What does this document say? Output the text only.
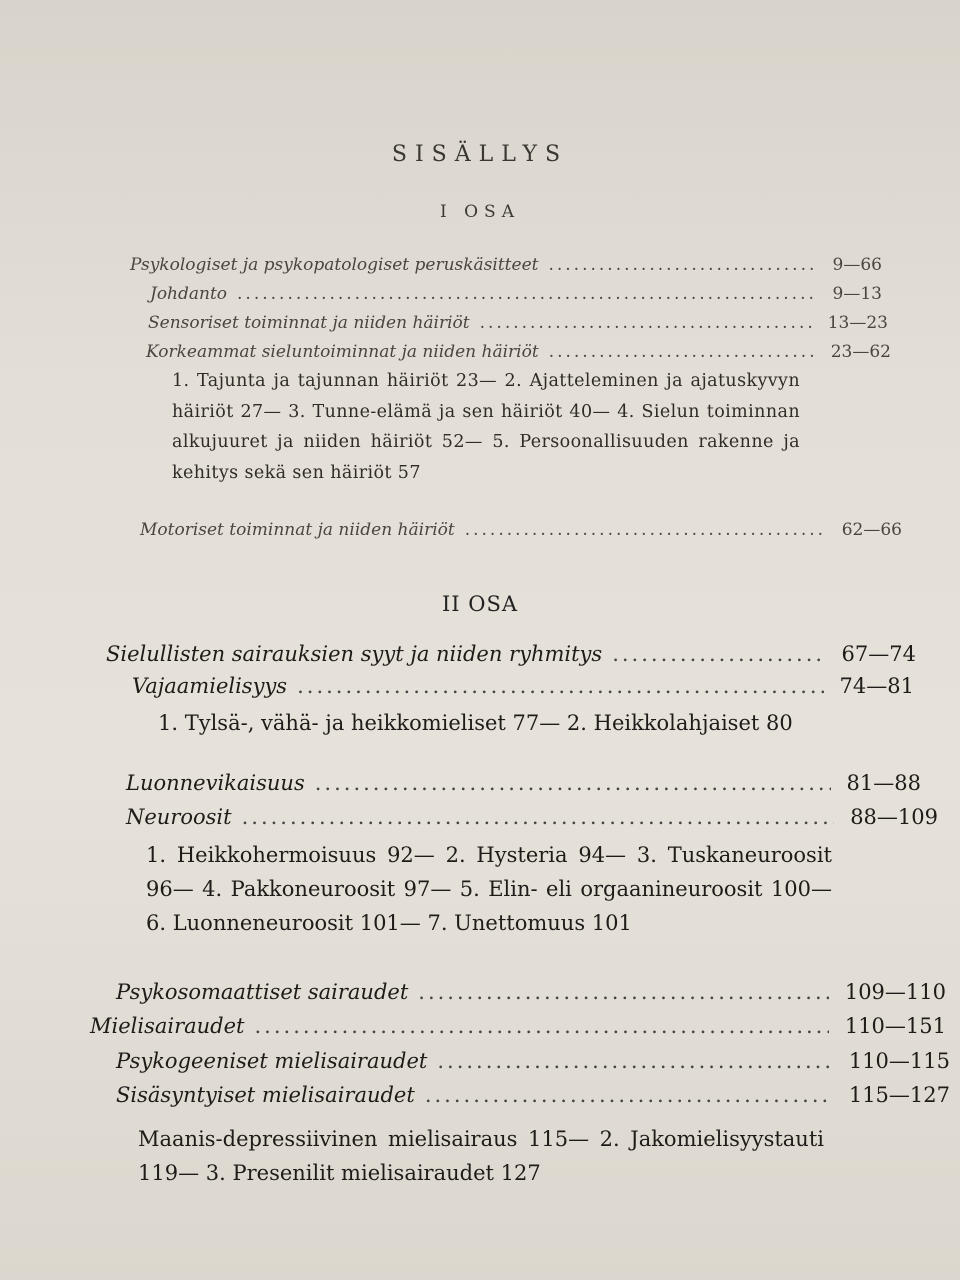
SISÄLLYS
I OSA
Psykologiset ja psykopatologiset peruskäsitteet .....	9—66
Johdanto .....	9—13
Sensoriset toiminnat ja niiden häiriöt .....	13—23
Korkeammat sieluntoiminnat ja niiden häiriöt .....	23—62
1. Tajunta ja tajunnan häiriöt 23— 2. Ajatteleminen ja ajatuskyvyn häiriöt 27— 3. Tunne-elämä ja sen häiriöt 40— 4. Sielun toiminnan alkujuuret ja niiden häiriöt 52— 5. Persoonallisuuden rakenne ja kehitys sekä sen häiriöt 57
Motoriset toiminnat ja niiden häiriöt .....	62—66
II OSA
Sielullisten sairauksien syyt ja niiden ryhmitys .....	67—74
Vajaamielisyys .....	74—81
1. Tylsä-, vähä- ja heikkomieliset 77— 2. Heikkolahjaiset 80
Luonnevikaisuus .....	81—88
Neuroosit .....	88—109
1. Heikkohermoisuus 92— 2. Hysteria 94— 3. Tuskaneuroosit 96— 4. Pakkoneuroosit 97— 5. Elin- eli orgaanineuroosit 100— 6. Luonneneuroosit 101— 7. Unettomuus 101
Psykosomaattiset sairaudet .....	109—110
Mielisairaudet .....	110—151
Psykogeeniset mielisairaudet .....	110—115
Sisäsyntyiset mielisairaudet .....	115—127
Maanis-depressiivinen mielisairaus 115— 2. Jakomielisyystauti 119— 3. Presenilit mielisairaudet 127
